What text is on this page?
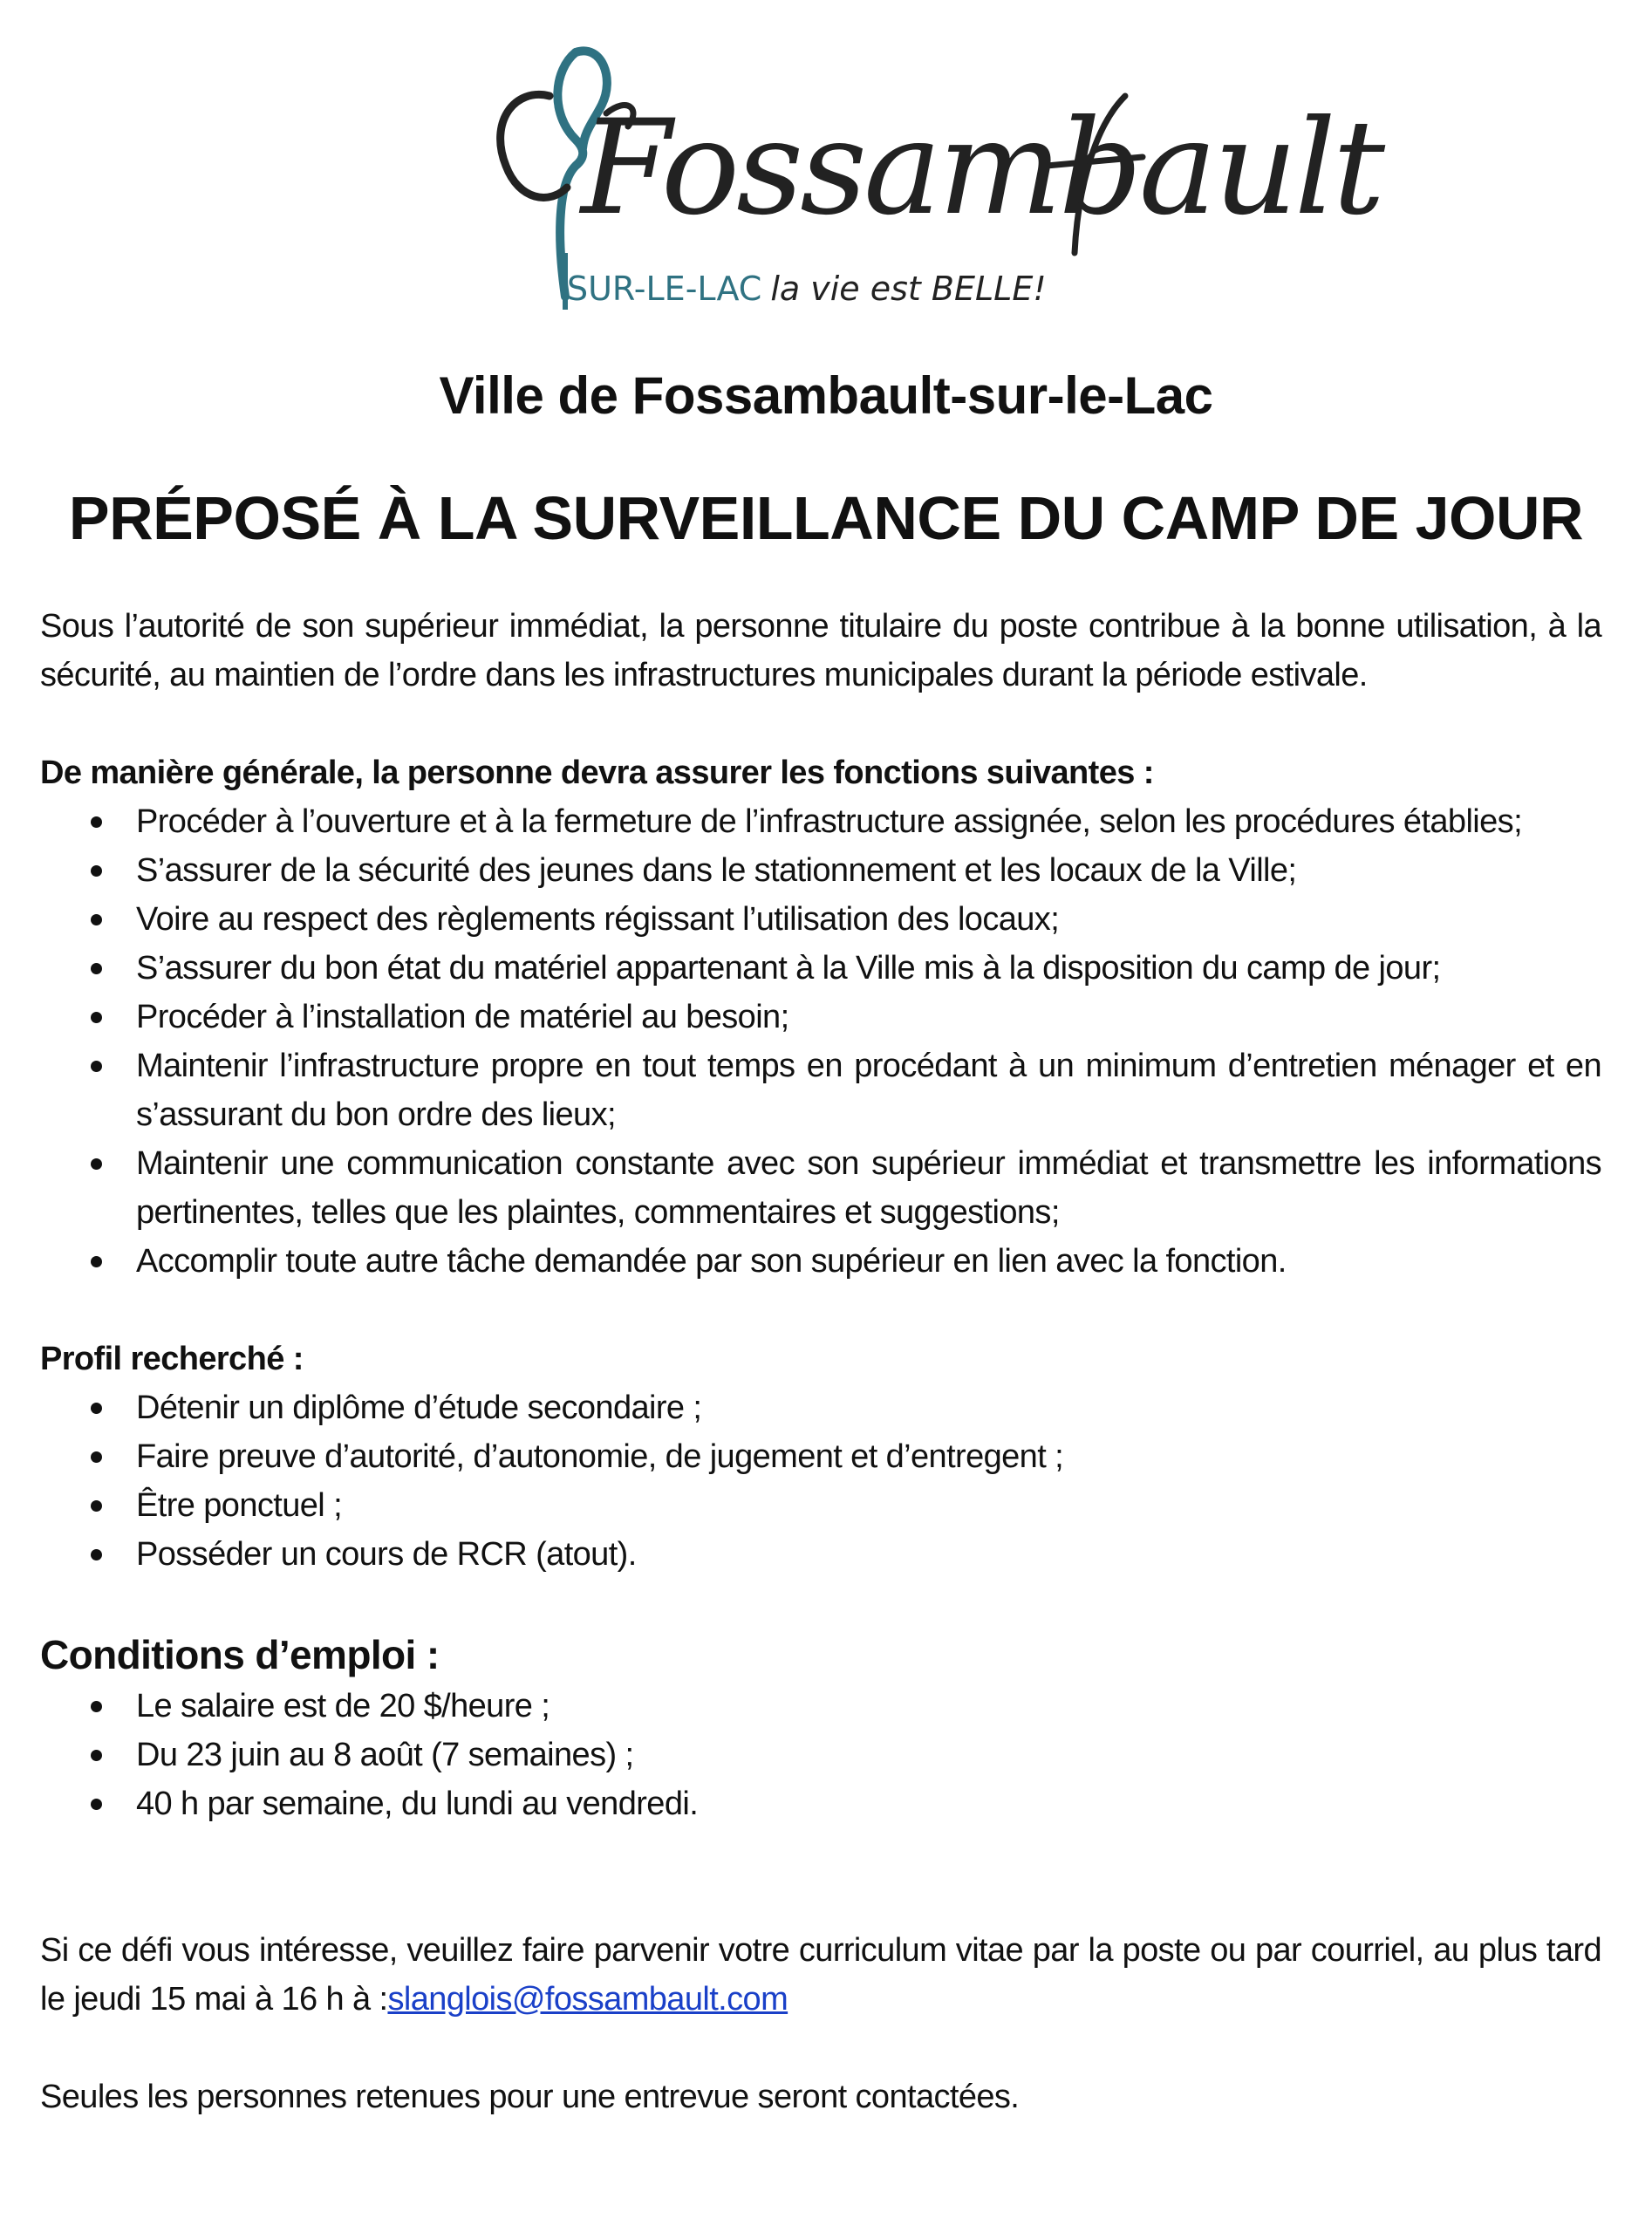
Fossambault
SUR-LE-LAC la vie est BELLE!
Ville de Fossambault-sur-le-Lac
PRÉPOSÉ À LA SURVEILLANCE DU CAMP DE JOUR

Sous l’autorité de son supérieur immédiat, la personne titulaire du poste contribue à la bonne utilisation, à la sécurité, au maintien de l’ordre dans les infrastructures municipales durant la période estivale.

De manière générale, la personne devra assurer les fonctions suivantes :

Procéder à l’ouverture et à la fermeture de l’infrastructure assignée, selon les procédures établies;
S’assurer de la sécurité des jeunes dans le stationnement et les locaux de la Ville;
Voire au respect des règlements régissant l’utilisation des locaux;
S’assurer du bon état du matériel appartenant à la Ville mis à la disposition du camp de jour;
Procéder à l’installation de matériel au besoin;
Maintenir l’infrastructure propre en tout temps en procédant à un minimum d’entretien ménager et en s’assurant du bon ordre des lieux;
Maintenir une communication constante avec son supérieur immédiat et transmettre les informations pertinentes, telles que les plaintes, commentaires et suggestions;
Accomplir toute autre tâche demandée par son supérieur en lien avec la fonction.

Profil recherché :

Détenir un diplôme d’étude secondaire ;
Faire preuve d’autorité, d’autonomie, de jugement et d’entregent ;
Être ponctuel ;
Posséder un cours de RCR (atout).

Conditions d’emploi :

Le salaire est de 20 $/heure ;
Du 23 juin au 8 août (7 semaines) ;
40 h par semaine, du lundi au vendredi.

Si ce défi vous intéresse, veuillez faire parvenir votre curriculum vitae par la poste ou par courriel, au plus tard le jeudi 15 mai à 16 h à :slanglois@fossambault.com

Seules les personnes retenues pour une entrevue seront contactées.
